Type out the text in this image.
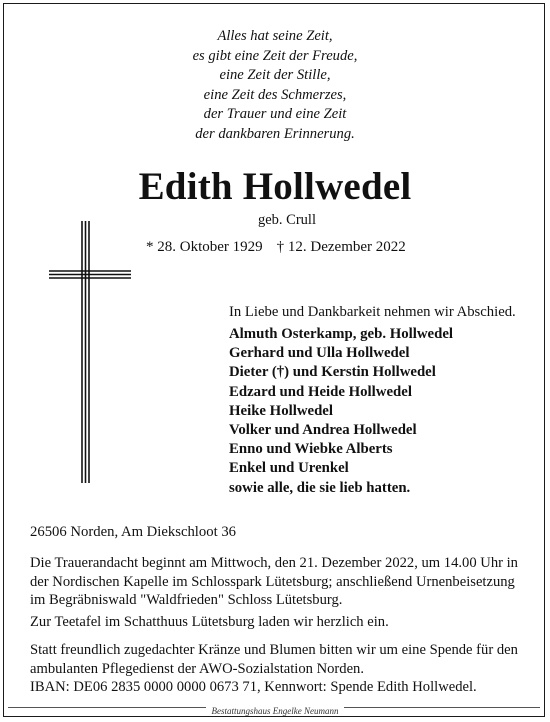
Alles hat seine Zeit,
es gibt eine Zeit der Freude,
eine Zeit der Stille,
eine Zeit des Schmerzes,
der Trauer und eine Zeit
der dankbaren Erinnerung.
Edith Hollwedel
geb. Crull
* 28. Oktober 1929 † 12. Dezember 2022
In Liebe und Dankbarkeit nehmen wir Abschied.
Almuth Osterkamp, geb. Hollwedel
Gerhard und Ulla Hollwedel
Dieter (†) und Kerstin Hollwedel
Edzard und Heide Hollwedel
Heike Hollwedel
Volker und Andrea Hollwedel
Enno und Wiebke Alberts
Enkel und Urenkel
sowie alle, die sie lieb hatten.
26506 Norden, Am Diekschloot 36
Die Trauerandacht beginnt am Mittwoch, den 21. Dezember 2022, um 14.00 Uhr in
der Nordischen Kapelle im Schlosspark Lütetsburg; anschließend Urnenbeisetzung
im Begräbniswald "Waldfrieden" Schloss Lütetsburg.
Zur Teetafel im Schatthuus Lütetsburg laden wir herzlich ein.
Statt freundlich zugedachter Kränze und Blumen bitten wir um eine Spende für den
ambulanten Pflegedienst der AWO-Sozialstation Norden.
IBAN: DE06 2835 0000 0000 0673 71, Kennwort: Spende Edith Hollwedel.
Bestattungshaus Engelke Neumann
